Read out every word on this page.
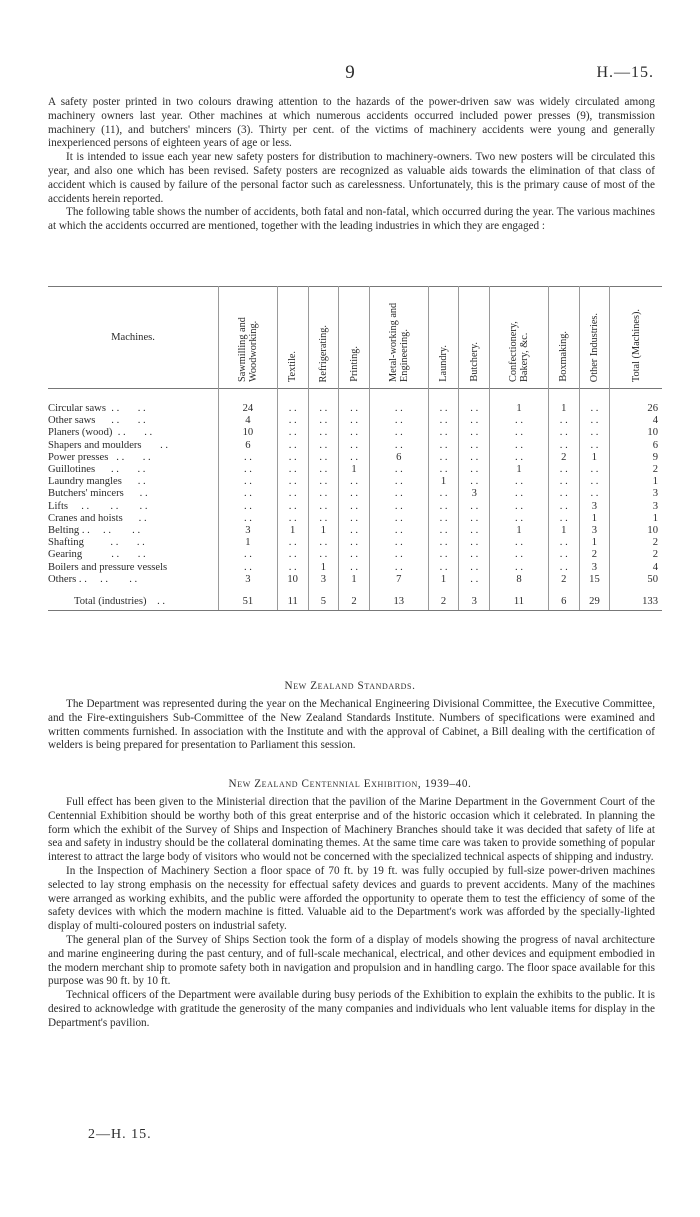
9	H.—15.

A safety poster printed in two colours drawing attention to the hazards of the power-driven saw was widely circulated among machinery owners last year. Other machines at which numerous accidents occurred included power presses (9), transmission machinery (11), and butchers' mincers (3). Thirty per cent. of the victims of machinery accidents were young and generally inexperienced persons of eighteen years of age or less.

It is intended to issue each year new safety posters for distribution to machinery-owners. Two new posters will be circulated this year, and also one which has been revised. Safety posters are recognized as valuable aids towards the elimination of that class of accident which is caused by failure of the personal factor such as carelessness. Unfortunately, this is the primary cause of most of the accidents herein reported.

The following table shows the number of accidents, both fatal and non-fatal, which occurred during the year. The various machines at which the accidents occurred are mentioned, together with the leading industries in which they are engaged :

Machines.	Sawmilling and Woodworking.	Textile.	Refrigerating.	Printing.	Metal-working and Engineering.	Laundry.	Butchery.	Confectionery, Bakery, &c.	Boxmaking.	Other Industries.	Total (Machines).

Circular saws  . .       . .	24	. .	. .	. .	. .	. .	. .	1	1	. .	26
Other saws      . .       . .	4	. .	. .	. .	. .	. .	. .	. .	. .	. .	4
Planers (wood)  . .       . .	10	. .	. .	. .	. .	. .	. .	. .	. .	. .	10
Shapers and moulders       . .	6	. .	. .	. .	. .	. .	. .	. .	. .	. .	6
Power presses   . .       . .	. .	. .	. .	. .	6	. .	. .	. .	2	1	9
Guillotines      . .       . .	. .	. .	. .	1	. .	. .	. .	1	. .	. .	2
Laundry mangles      . .	. .	. .	. .	. .	. .	1	. .	. .	. .	. .	1
Butchers' mincers      . .	. .	. .	. .	. .	. .	. .	3	. .	. .	. .	3
Lifts     . .        . .        . .	. .	. .	. .	. .	. .	. .	. .	. .	. .	3	3
Cranes and hoists      . .	. .	. .	. .	. .	. .	. .	. .	. .	. .	1	1
Belting . .     . .        . .	3	1	1	. .	. .	. .	. .	1	1	3	10
Shafting          . .       . .	1	. .	. .	. .	. .	. .	. .	. .	. .	1	2
Gearing           . .       . .	. .	. .	. .	. .	. .	. .	. .	. .	. .	2	2
Boilers and pressure vessels	. .	. .	1	. .	. .	. .	. .	. .	. .	3	4
Others . .     . .        . .	3	10	3	1	7	1	. .	8	2	15	50

Total (industries)    . .	51	11	5	2	13	2	3	11	6	29	133
New Zealand Standards.

The Department was represented during the year on the Mechanical Engineering Divisional Committee, the Executive Committee, and the Fire-extinguishers Sub-Committee of the New Zealand Standards Institute. Numbers of specifications were examined and written comments furnished. In association with the Institute and with the approval of Cabinet, a Bill dealing with the certification of welders is being prepared for presentation to Parliament this session.

New Zealand Centennial Exhibition, 1939–40.

Full effect has been given to the Ministerial direction that the pavilion of the Marine Department in the Government Court of the Centennial Exhibition should be worthy both of this great enterprise and of the historic occasion which it celebrated. In planning the form which the exhibit of the Survey of Ships and Inspection of Machinery Branches should take it was decided that safety of life at sea and safety in industry should be the collateral dominating themes. At the same time care was taken to provide something of popular interest to attract the large body of visitors who would not be concerned with the specialized technical aspects of shipping and industry.

In the Inspection of Machinery Section a floor space of 70 ft. by 19 ft. was fully occupied by full-size power-driven machines selected to lay strong emphasis on the necessity for effectual safety devices and guards to prevent accidents. Many of the machines were arranged as working exhibits, and the public were afforded the opportunity to operate them to test the efficiency of some of the safety devices with which the modern machine is fitted. Valuable aid to the Department's work was afforded by the specially-lighted display of multi-coloured posters on industrial safety.

The general plan of the Survey of Ships Section took the form of a display of models showing the progress of naval architecture and marine engineering during the past century, and of full-scale mechanical, electrical, and other devices and equipment embodied in the modern merchant ship to promote safety both in navigation and propulsion and in handling cargo. The floor space available for this purpose was 90 ft. by 10 ft.

Technical officers of the Department were available during busy periods of the Exhibition to explain the exhibits to the public. It is desired to acknowledge with gratitude the generosity of the many companies and individuals who lent valuable items for display in the Department's pavilion.

2—H. 15.
